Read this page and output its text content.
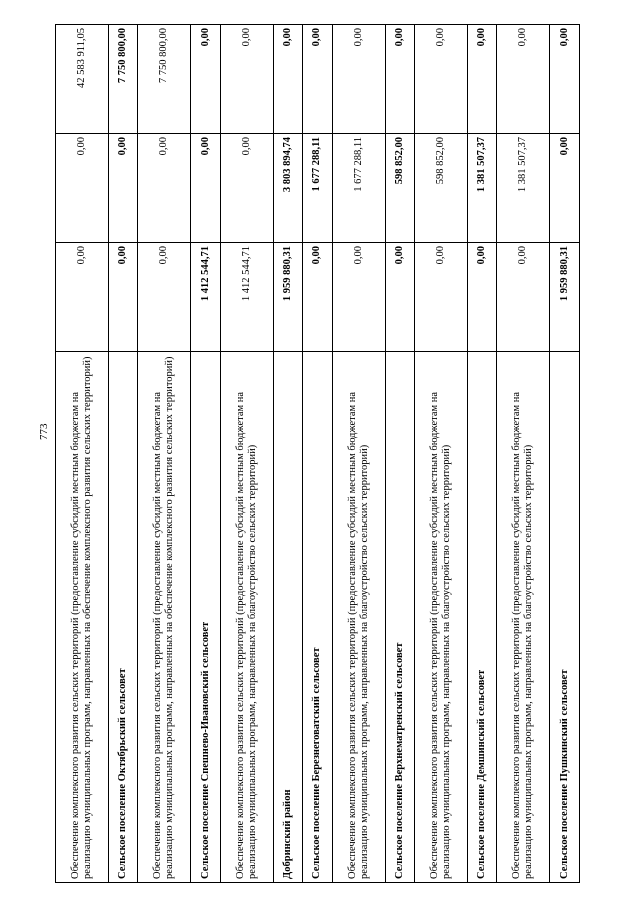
773 Обеспечение комплексного развития сельских территорий (предоставление субсидий местным бюджетам на реализацию муниципальных программ, направленных на обеспечение комплексного развития сельских территорий)	0,00	0,00	42 583 911,05
Сельское поселение Октябрьский сельсовет	0,00	0,00	7 750 800,00
Обеспечение комплексного развития сельских территорий (предоставление субсидий местным бюджетам на реализацию муниципальных программ, направленных на обеспечение комплексного развития сельских территорий)	0,00	0,00	7 750 800,00
Сельское поселение Спешнево-Ивановский сельсовет	1 412 544,71	0,00	0,00
Обеспечение комплексного развития сельских территорий (предоставление субсидий местным бюджетам на реализацию муниципальных программ, направленных на благоустройство сельских территорий)	1 412 544,71	0,00	0,00
Добринский район	1 959 880,31	3 803 894,74	0,00
Сельское поселение Березнеговатский сельсовет	0,00	1 677 288,11	0,00
Обеспечение комплексного развития сельских территорий (предоставление субсидий местным бюджетам на реализацию муниципальных программ, направленных на благоустройство сельских территорий)	0,00	1 677 288,11	0,00
Сельское поселение Верхнематренский сельсовет	0,00	598 852,00	0,00
Обеспечение комплексного развития сельских территорий (предоставление субсидий местным бюджетам на реализацию муниципальных программ, направленных на благоустройство сельских территорий)	0,00	598 852,00	0,00
Сельское поселение Демшинский сельсовет	0,00	1 381 507,37	0,00
Обеспечение комплексного развития сельских территорий (предоставление субсидий местным бюджетам на реализацию муниципальных программ, направленных на благоустройство сельских территорий)	0,00	1 381 507,37	0,00
Сельское поселение Пушкинский сельсовет	1 959 880,31	0,00	0,00
